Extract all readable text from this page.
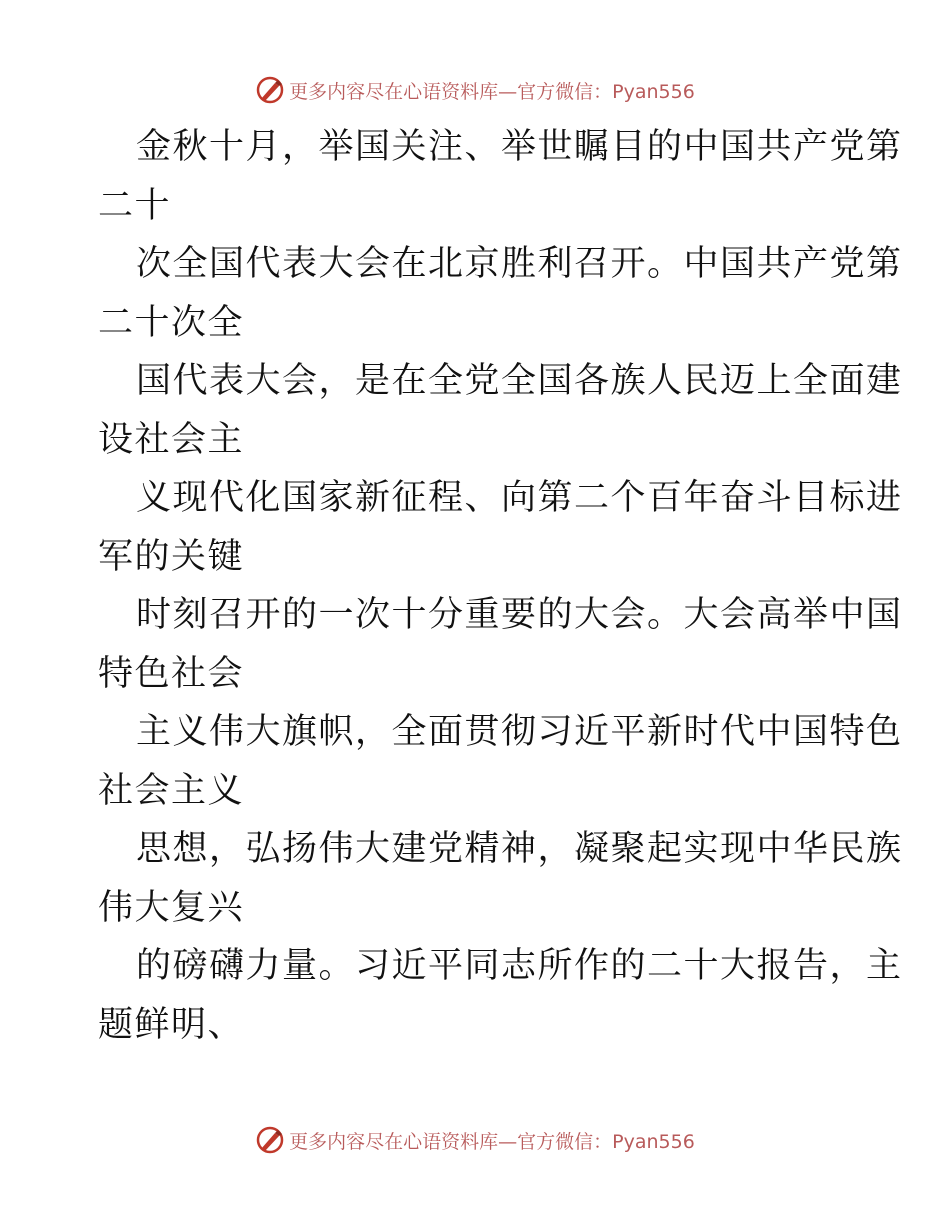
更多内容尽在心语资料库—官方微信：Pyan556
金秋十月，举国关注、举世瞩目的中国共产党第
二十
次全国代表大会在北京胜利召开。中国共产党第
二十次全
国代表大会，是在全党全国各族人民迈上全面建
设社会主
义现代化国家新征程、向第二个百年奋斗目标进
军的关键
时刻召开的一次十分重要的大会。大会高举中国
特色社会
主义伟大旗帜，全面贯彻习近平新时代中国特色
社会主义
思想，弘扬伟大建党精神，凝聚起实现中华民族
伟大复兴
的磅礴力量。习近平同志所作的二十大报告，主
题鲜明、
更多内容尽在心语资料库—官方微信：Pyan556
